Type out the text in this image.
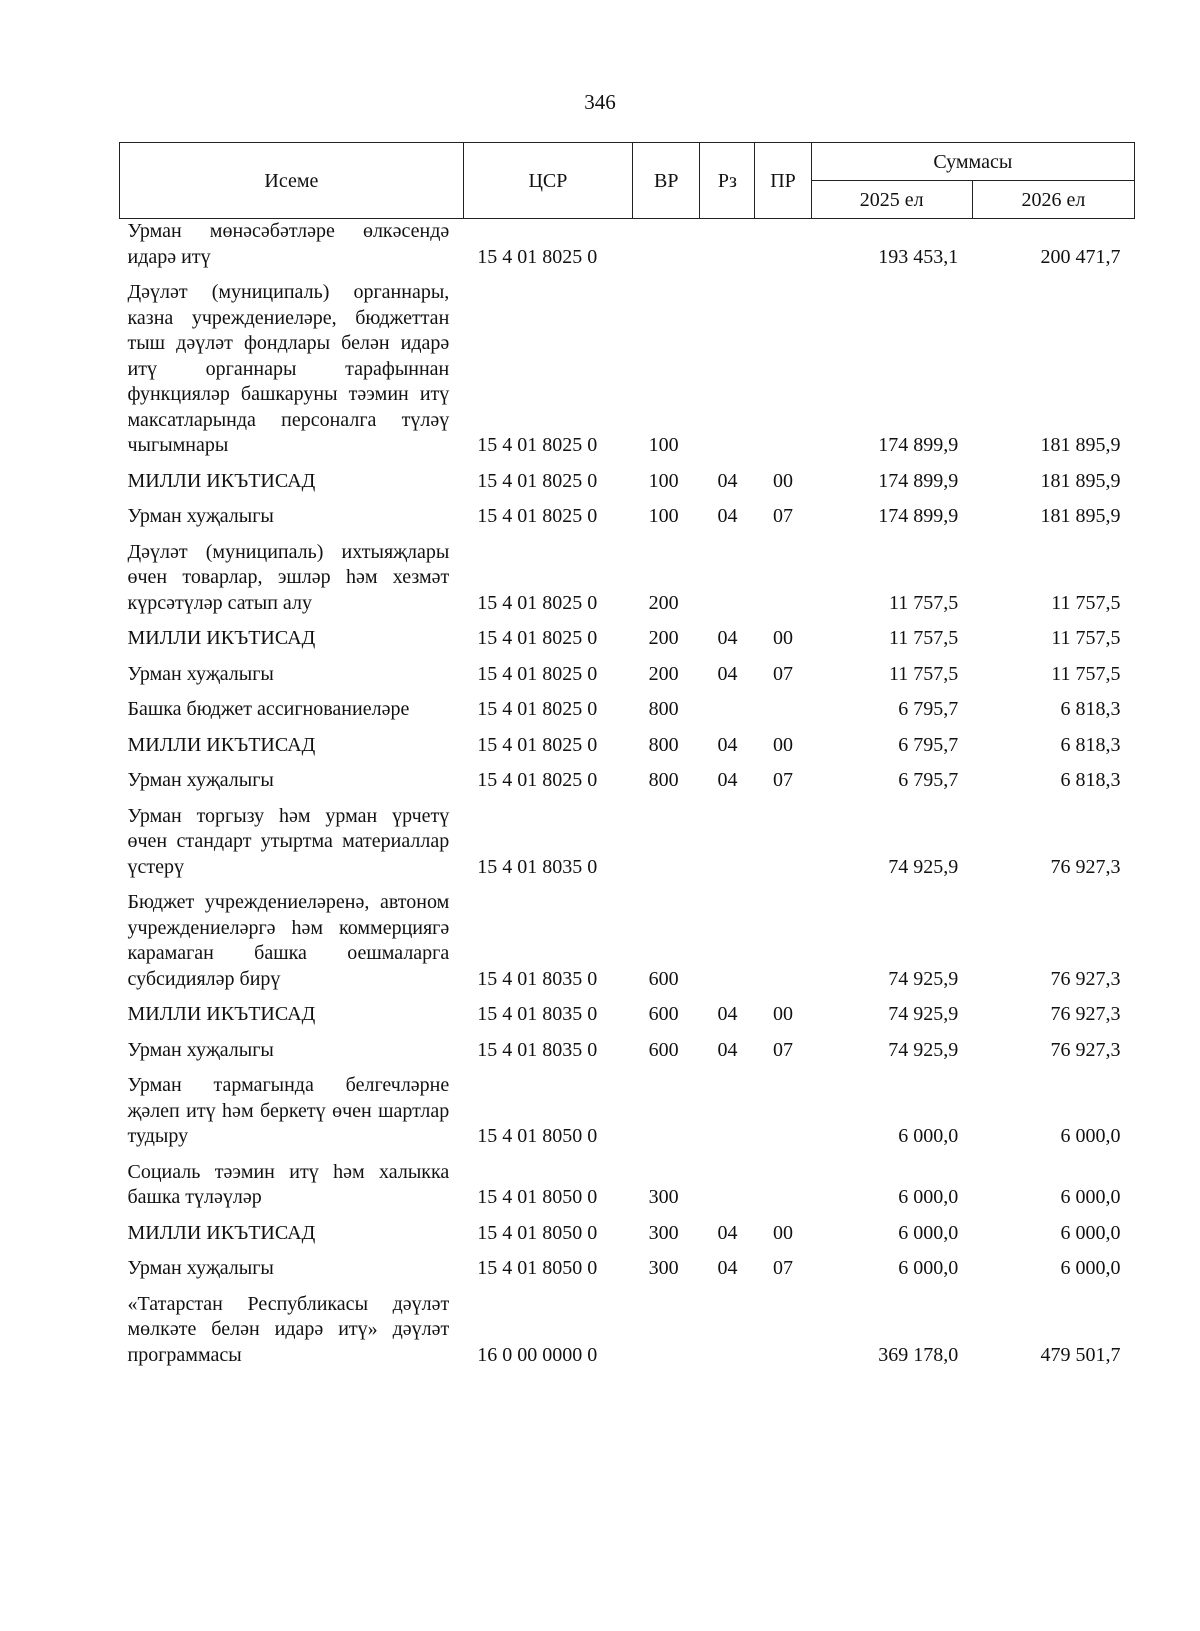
346
Исеме	ЦСР	ВР	Рз	ПР	Суммасы	
					2025 ел	2026 ел
Урман мөнәсәбәтләре өлкәсендә идарә итү	15 4 01 8025 0				193 453,1	200 471,7
Дәүләт (муниципаль) органнары, казна учреждениеләре, бюджеттан тыш дәүләт фондлары белән идарә итү органнары тарафыннан функцияләр башкаруны тәэмин итү максатларында персоналга түләү чыгымнары	15 4 01 8025 0	100			174 899,9	181 895,9
МИЛЛИ ИКЪТИСАД	15 4 01 8025 0	100	04	00	174 899,9	181 895,9
Урман хуҗалыгы	15 4 01 8025 0	100	04	07	174 899,9	181 895,9
Дәүләт (муниципаль) ихтыяҗлары өчен товарлар, эшләр һәм хезмәт күрсәтүләр сатып алу	15 4 01 8025 0	200			11 757,5	11 757,5
МИЛЛИ ИКЪТИСАД	15 4 01 8025 0	200	04	00	11 757,5	11 757,5
Урман хуҗалыгы	15 4 01 8025 0	200	04	07	11 757,5	11 757,5
Башка бюджет ассигнованиеләре	15 4 01 8025 0	800			6 795,7	6 818,3
МИЛЛИ ИКЪТИСАД	15 4 01 8025 0	800	04	00	6 795,7	6 818,3
Урман хуҗалыгы	15 4 01 8025 0	800	04	07	6 795,7	6 818,3
Урман торгызу һәм урман үрчетү өчен стандарт утыртма материаллар үстерү	15 4 01 8035 0				74 925,9	76 927,3
Бюджет учреждениеләренә, автоном учреждениеләргә һәм коммерциягә карамаган башка оешмаларга субсидияләр бирү	15 4 01 8035 0	600			74 925,9	76 927,3
МИЛЛИ ИКЪТИСАД	15 4 01 8035 0	600	04	00	74 925,9	76 927,3
Урман хуҗалыгы	15 4 01 8035 0	600	04	07	74 925,9	76 927,3
Урман тармагында белгечләрне җәлеп итү һәм беркетү өчен шартлар тудыру	15 4 01 8050 0				6 000,0	6 000,0
Социаль тәэмин итү һәм халыкка башка түләүләр	15 4 01 8050 0	300			6 000,0	6 000,0
МИЛЛИ ИКЪТИСАД	15 4 01 8050 0	300	04	00	6 000,0	6 000,0
Урман хуҗалыгы	15 4 01 8050 0	300	04	07	6 000,0	6 000,0
«Татарстан Республикасы дәүләт мөлкәте белән идарә итү» дәүләт программасы	16 0 00 0000 0				369 178,0	479 501,7
